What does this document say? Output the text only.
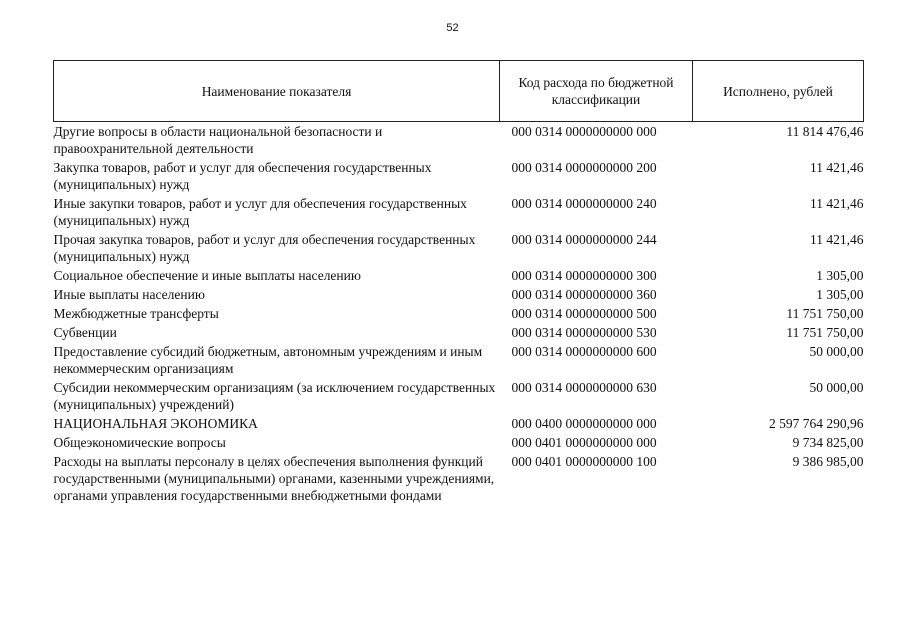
52
Наименование показателя	Код расхода по бюджетной классификации	Исполнено, рублей
Другие вопросы в области национальной безопасности и правоохранительной деятельности	000 0314 0000000000 000	11 814 476,46
Закупка товаров, работ и услуг для обеспечения государственных (муниципальных) нужд	000 0314 0000000000 200	11 421,46
Иные закупки товаров, работ и услуг для обеспечения государственных (муниципальных) нужд	000 0314 0000000000 240	11 421,46
Прочая закупка товаров, работ и услуг для обеспечения государственных (муниципальных) нужд	000 0314 0000000000 244	11 421,46
Социальное обеспечение и иные выплаты населению	000 0314 0000000000 300	1 305,00
Иные выплаты населению	000 0314 0000000000 360	1 305,00
Межбюджетные трансферты	000 0314 0000000000 500	11 751 750,00
Субвенции	000 0314 0000000000 530	11 751 750,00
Предоставление субсидий бюджетным, автономным учреждениям и иным некоммерческим организациям	000 0314 0000000000 600	50 000,00
Субсидии некоммерческим организациям (за исключением государственных (муниципальных) учреждений)	000 0314 0000000000 630	50 000,00
НАЦИОНАЛЬНАЯ ЭКОНОМИКА	000 0400 0000000000 000	2 597 764 290,96
Общеэкономические вопросы	000 0401 0000000000 000	9 734 825,00
Расходы на выплаты персоналу в целях обеспечения выполнения функций государственными (муниципальными) органами, казенными учреждениями, органами управления государственными внебюджетными фондами	000 0401 0000000000 100	9 386 985,00
